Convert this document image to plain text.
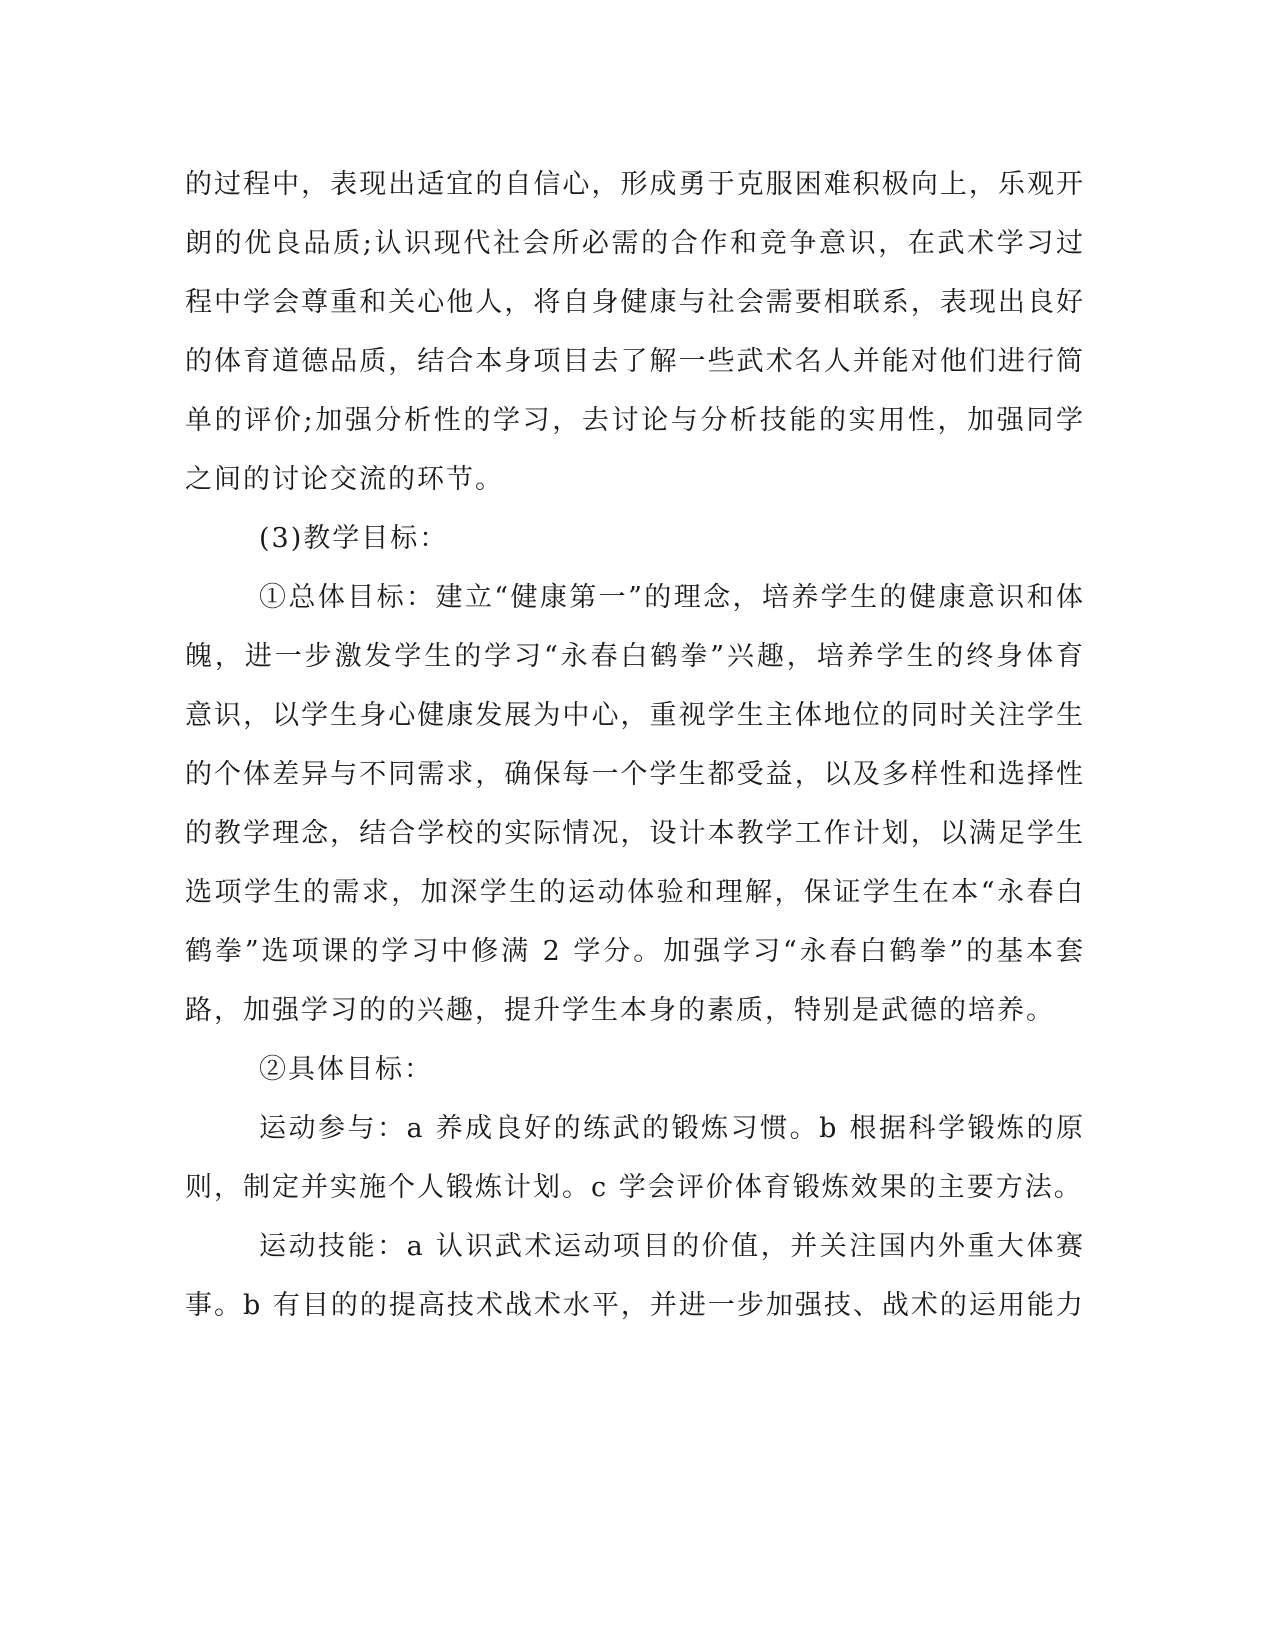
的过程中，表现出适宜的自信心，形成勇于克服困难积极向上，乐观开朗的优良品质;认识现代社会所必需的合作和竞争意识，在武术学习过程中学会尊重和关心他人，将自身健康与社会需要相联系，表现出良好的体育道德品质，结合本身项目去了解一些武术名人并能对他们进行简单的评价;加强分析性的学习，去讨论与分析技能的实用性，加强同学之间的讨论交流的环节。

(3)教学目标：

①总体目标：建立“健康第一”的理念，培养学生的健康意识和体魄，进一步激发学生的学习“永春白鹤拳”兴趣，培养学生的终身体育意识，以学生身心健康发展为中心，重视学生主体地位的同时关注学生的个体差异与不同需求，确保每一个学生都受益，以及多样性和选择性的教学理念，结合学校的实际情况，设计本教学工作计划，以满足学生选项学生的需求，加深学生的运动体验和理解，保证学生在本“永春白鹤拳”选项课的学习中修满 2 学分。加强学习“永春白鹤拳”的基本套路，加强学习的的兴趣，提升学生本身的素质，特别是武德的培养。

②具体目标：

运动参与：a 养成良好的练武的锻炼习惯。b 根据科学锻炼的原则，制定并实施个人锻炼计划。c 学会评价体育锻炼效果的主要方法。

运动技能：a 认识武术运动项目的价值，并关注国内外重大体赛事。b 有目的的提高技术战术水平，并进一步加强技、战术的运用能力
